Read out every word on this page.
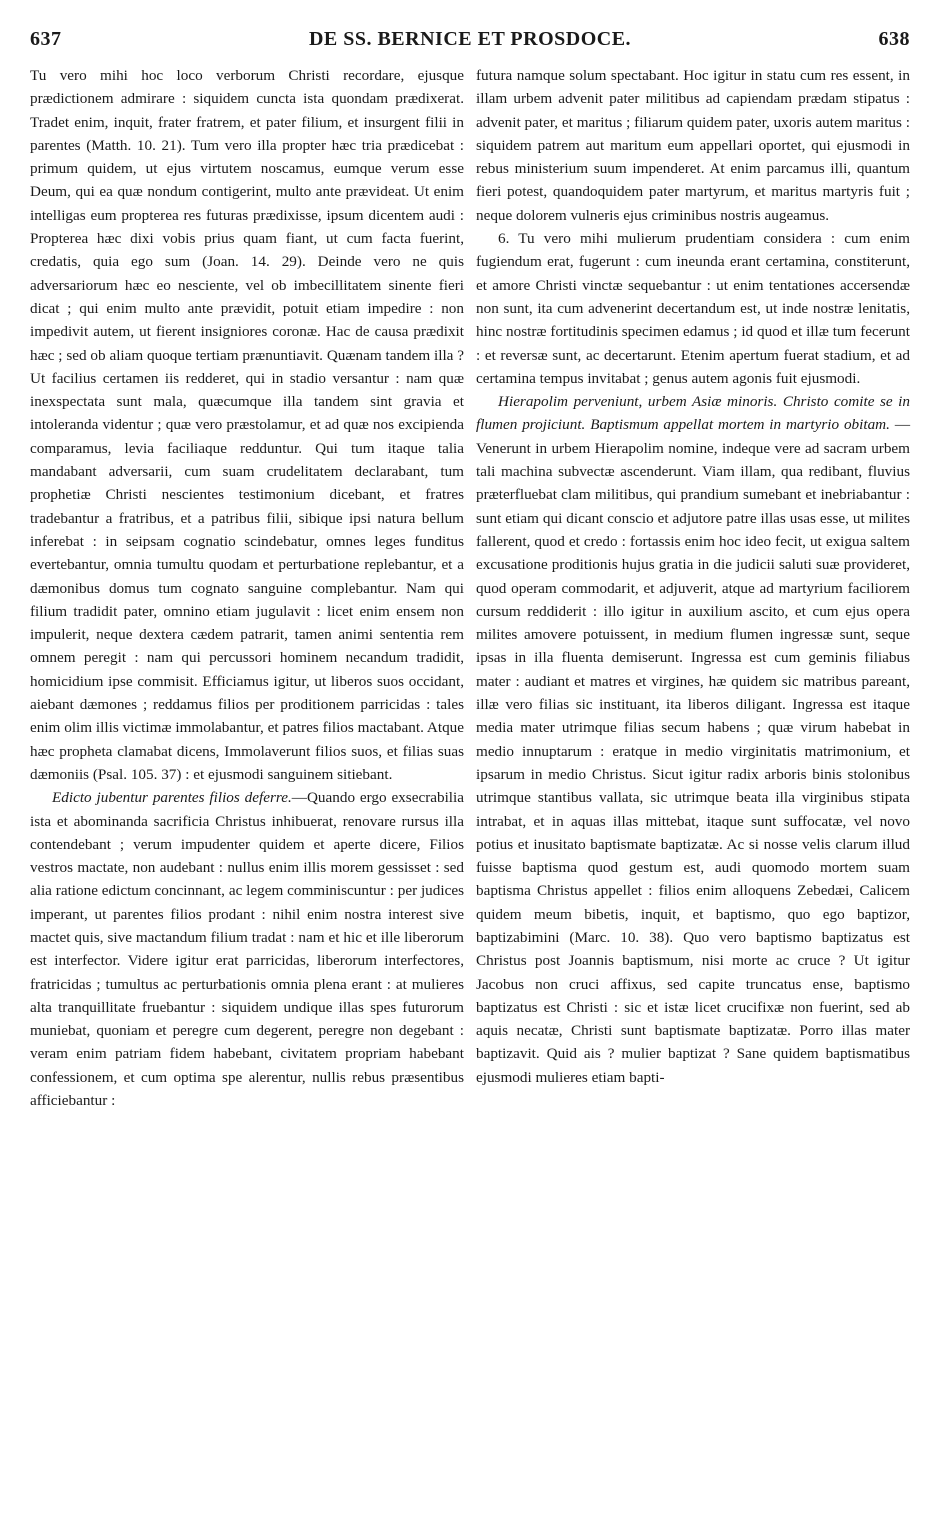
637	DE SS. BERNICE ET PROSDOCE.	638

Tu vero mihi hoc loco verborum Christi recordare, ejusque prædictionem admirare : siquidem cuncta ista quondam prædixerat. Tradet enim, inquit, frater fratrem, et pater filium, et insurgent filii in parentes (Matth. 10. 21). Tum vero illa propter hæc tria prædicebat : primum quidem, ut ejus virtutem noscamus, eumque verum esse Deum, qui ea quæ nondum contigerint, multo ante prævideat. Ut enim intelligas eum propterea res futuras prædixisse, ipsum dicentem audi : Propterea hæc dixi vobis prius quam fiant, ut cum facta fuerint, credatis, quia ego sum (Joan. 14. 29). Deinde vero ne quis adversariorum hæc eo nesciente, vel ob imbecillitatem sinente fieri dicat ; qui enim multo ante prævidit, potuit etiam impedire : non impedivit autem, ut fierent insigniores coronæ. Hac de causa prædixit hæc ; sed ob aliam quoque tertiam prænuntiavit. Quænam tandem illa ? Ut facilius certamen iis redderet, qui in stadio versantur : nam quæ inexspectata sunt mala, quæcumque illa tandem sint gravia et intoleranda videntur ; quæ vero præstolamur, et ad quæ nos excipienda comparamus, levia faciliaque redduntur. Qui tum itaque talia mandabant adversarii, cum suam crudelitatem declarabant, tum prophetiæ Christi nescientes testimonium dicebant, et fratres tradebantur a fratribus, et a patribus filii, sibique ipsi natura bellum inferebat : in seipsam cognatio scindebatur, omnes leges funditus evertebantur, omnia tumultu quodam et perturbatione replebantur, et a dæmonibus domus tum cognato sanguine complebantur. Nam qui filium tradidit pater, omnino etiam jugulavit : licet enim ensem non impulerit, neque dextera cædem patrarit, tamen animi sententia rem omnem peregit : nam qui percussori hominem necandum tradidit, homicidium ipse commisit. Efficiamus igitur, ut liberos suos occidant, aiebant dæmones ; reddamus filios per proditionem parricidas : tales enim olim illis victimæ immolabantur, et patres filios mactabant. Atque hæc propheta clamabat dicens, Immolaverunt filios suos, et filias suas dæmoniis (Psal. 105. 37) : et ejusmodi sanguinem sitiebant.

Edicto jubentur parentes filios deferre.—Quando ergo exsecrabilia ista et abominanda sacrificia Christus inhibuerat, renovare rursus illa contendebant ; verum impudenter quidem et aperte dicere, Filios vestros mactate, non audebant : nullus enim illis morem gessisset : sed alia ratione edictum concinnant, ac legem comminiscuntur : per judices imperant, ut parentes filios prodant : nihil enim nostra interest sive mactet quis, sive mactandum filium tradat : nam et hic et ille liberorum est interfector. Videre igitur erat parricidas, liberorum interfectores, fratricidas ; tumultus ac perturbationis omnia plena erant : at mulieres alta tranquillitate fruebantur : siquidem undique illas spes futurorum muniebat, quoniam et peregre cum degerent, peregre non degebant : veram enim patriam fidem habebant, civitatem propriam habebant confessionem, et cum optima spe alerentur, nullis rebus præsentibus afficiebantur :

futura namque solum spectabant. Hoc igitur in statu cum res essent, in illam urbem advenit pater militibus ad capiendam prædam stipatus : advenit pater, et maritus ; filiarum quidem pater, uxoris autem maritus : siquidem patrem aut maritum eum appellari oportet, qui ejusmodi in rebus ministerium suum impenderet. At enim parcamus illi, quantum fieri potest, quandoquidem pater martyrum, et maritus martyris fuit ; neque dolorem vulneris ejus criminibus nostris augeamus.

6. Tu vero mihi mulierum prudentiam considera : cum enim fugiendum erat, fugerunt : cum ineunda erant certamina, constiterunt, et amore Christi vinctæ sequebantur : ut enim tentationes accersendæ non sunt, ita cum advenerint decertandum est, ut inde nostræ lenitatis, hinc nostræ fortitudinis specimen edamus ; id quod et illæ tum fecerunt : et reversæ sunt, ac decertarunt. Etenim apertum fuerat stadium, et ad certamina tempus invitabat ; genus autem agonis fuit ejusmodi.

Hierapolim perveniunt, urbem Asiæ minoris. Christo comite se in flumen projiciunt. Baptismum appellat mortem in martyrio obitam. — Venerunt in urbem Hierapolim nomine, indeque vere ad sacram urbem tali machina subvectæ ascenderunt. Viam illam, qua redibant, fluvius præterfluebat clam militibus, qui prandium sumebant et inebriabantur : sunt etiam qui dicant conscio et adjutore patre illas usas esse, ut milites fallerent, quod et credo : fortassis enim hoc ideo fecit, ut exigua saltem excusatione proditionis hujus gratia in die judicii saluti suæ provideret, quod operam commodarit, et adjuverit, atque ad martyrium faciliorem cursum reddiderit : illo igitur in auxilium ascito, et cum ejus opera milites amovere potuissent, in medium flumen ingressæ sunt, seque ipsas in illa fluenta demiserunt. Ingressa est cum geminis filiabus mater : audiant et matres et virgines, hæ quidem sic matribus pareant, illæ vero filias sic instituant, ita liberos diligant. Ingressa est itaque media mater utrimque filias secum habens ; quæ virum habebat in medio innuptarum : eratque in medio virginitatis matrimonium, et ipsarum in medio Christus. Sicut igitur radix arboris binis stolonibus utrimque stantibus vallata, sic utrimque beata illa virginibus stipata intrabat, et in aquas illas mittebat, itaque sunt suffocatæ, vel novo potius et inusitato baptismate baptizatæ. Ac si nosse velis clarum illud fuisse baptisma quod gestum est, audi quomodo mortem suam baptisma Christus appellet : filios enim alloquens Zebedæi, Calicem quidem meum bibetis, inquit, et baptismo, quo ego baptizor, baptizabimini (Marc. 10. 38). Quo vero baptismo baptizatus est Christus post Joannis baptismum, nisi morte ac cruce ? Ut igitur Jacobus non cruci affixus, sed capite truncatus ense, baptismo baptizatus est Christi : sic et istæ licet crucifixæ non fuerint, sed ab aquis necatæ, Christi sunt baptismate baptizatæ. Porro illas mater baptizavit. Quid ais ? mulier baptizat ? Sane quidem baptismatibus ejusmodi mulieres etiam bapti-
